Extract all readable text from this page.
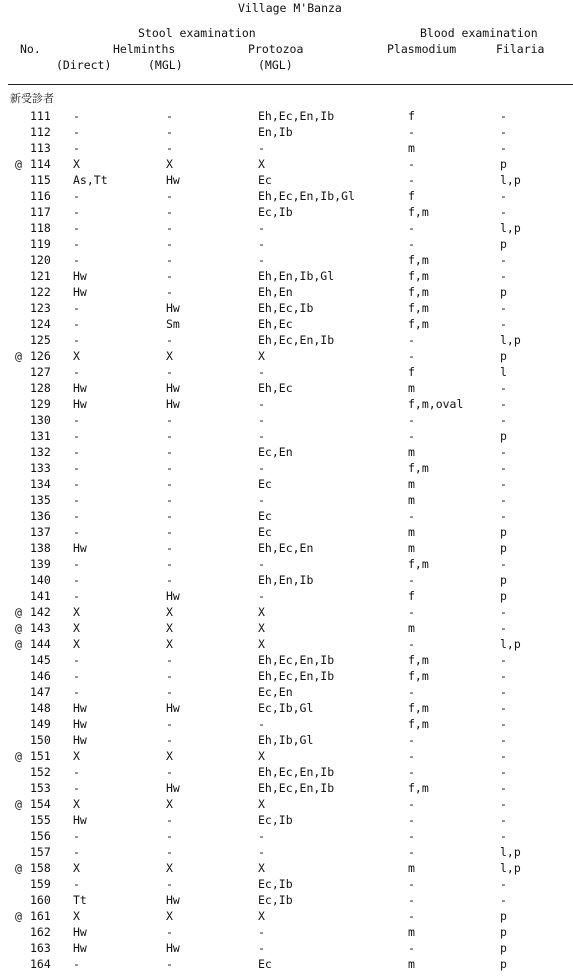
Village M'Banza
Stool examination	Blood examination
No.	Helminths	Protozoa	Plasmodium	Filaria
(Direct)	(MGL)	(MGL)
新受診者
111 -	-	Eh,Ec,En,Ib	f	-
112 -	-	En,Ib	-	-
113 -	-	-	m	-
@ 114 X	X	X	-	p
115 As,Tt	Hw	Ec	-	l,p
116 -	-	Eh,Ec,En,Ib,Gl	f	-
117 -	-	Ec,Ib	f,m	-
118 -	-	-	-	l,p
119 -	-	-	-	p
120 -	-	-	f,m	-
121 Hw	-	Eh,En,Ib,Gl	f,m	-
122 Hw	-	Eh,En	f,m	p
123 -	Hw	Eh,Ec,Ib	f,m	-
124 -	Sm	Eh,Ec	f,m	-
125 -	-	Eh,Ec,En,Ib	-	l,p
@ 126 X	X	X	-	p
127 -	-	-	f	l
128 Hw	Hw	Eh,Ec	m	-
129 Hw	Hw	-	f,m,oval	-
130 -	-	-	-	-
131 -	-	-	-	p
132 -	-	Ec,En	m	-
133 -	-	-	f,m	-
134 -	-	Ec	m	-
135 -	-	-	m	-
136 -	-	Ec	-	-
137 -	-	Ec	m	p
138 Hw	-	Eh,Ec,En	m	p
139 -	-	-	f,m	-
140 -	-	Eh,En,Ib	-	p
141 -	Hw	-	f	p
@ 142 X	X	X	-	-
@ 143 X	X	X	m	-
@ 144 X	X	X	-	l,p
145 -	-	Eh,Ec,En,Ib	f,m	-
146 -	-	Eh,Ec,En,Ib	f,m	-
147 -	-	Ec,En	-	-
148 Hw	Hw	Ec,Ib,Gl	f,m	-
149 Hw	-	-	f,m	-
150 Hw	-	Eh,Ib,Gl	-	-
@ 151 X	X	X	-	-
152 -	-	Eh,Ec,En,Ib	-	-
153 -	Hw	Eh,Ec,En,Ib	f,m	-
@ 154 X	X	X	-	-
155 Hw	-	Ec,Ib	-	-
156 -	-	-	-	-
157 -	-	-	-	l,p
@ 158 X	X	X	m	l,p
159 -	-	Ec,Ib	-	-
160 Tt	Hw	Ec,Ib	-	-
@ 161 X	X	X	-	p
162 Hw	-	-	m	p
163 Hw	Hw	-	-	p
164 -	-	Ec	m	p
